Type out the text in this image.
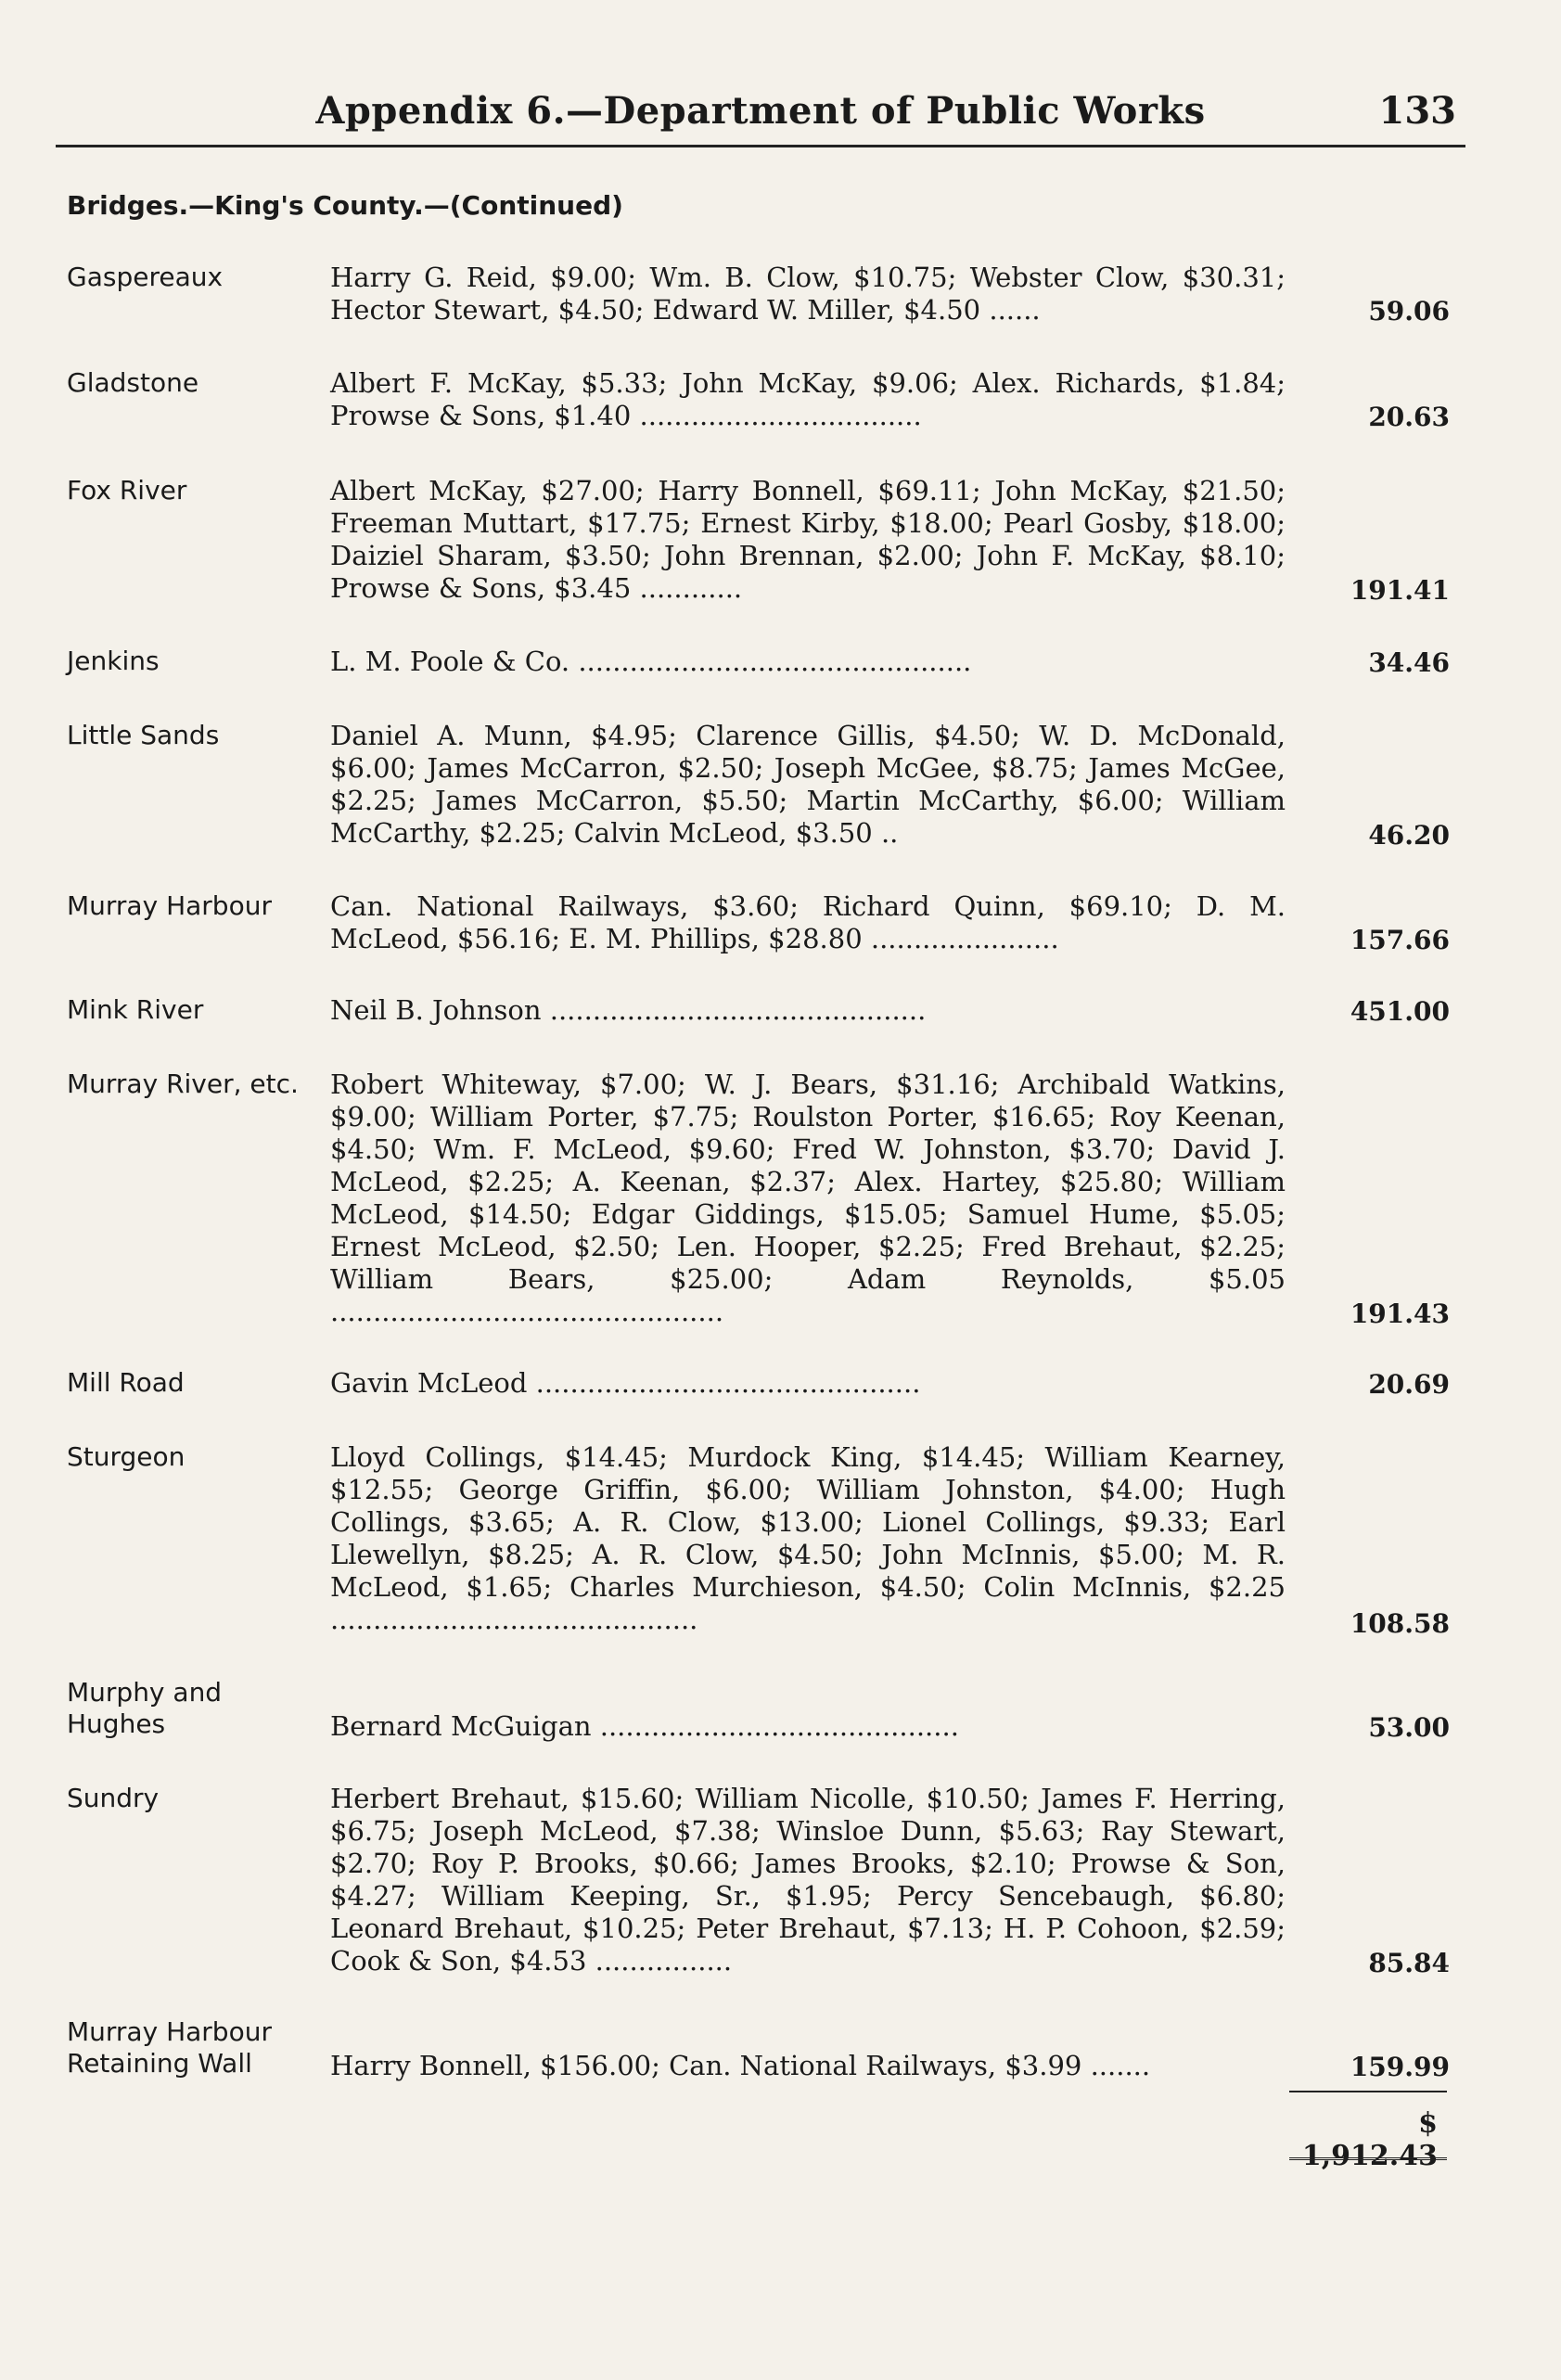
Appendix 6.—Department of Public Works	133
Bridges.—King's County.—(Continued)
Gaspereaux	Harry G. Reid, $9.00; Wm. B. Clow, $10.75; Webster Clow, $30.31; Hector Stewart, $4.50; Edward W. Miller, $4.50 ......	59.06
Gladstone	Albert F. McKay, $5.33; John McKay, $9.06; Alex. Richards, $1.84; Prowse & Sons, $1.40 .................................	20.63
Fox River	Albert McKay, $27.00; Harry Bonnell, $69.11; John McKay, $21.50; Freeman Muttart, $17.75; Ernest Kirby, $18.00; Pearl Gosby, $18.00; Daiziel Sharam, $3.50; John Brennan, $2.00; John F. McKay, $8.10; Prowse & Sons, $3.45 ............	191.41
Jenkins	L. M. Poole & Co. ..............................................	34.46
Little Sands	Daniel A. Munn, $4.95; Clarence Gillis, $4.50; W. D. McDonald, $6.00; James McCarron, $2.50; Joseph McGee, $8.75; James McGee, $2.25; James McCarron, $5.50; Martin McCarthy, $6.00; William McCarthy, $2.25; Calvin McLeod, $3.50 ..	46.20
Murray Harbour	Can. National Railways, $3.60; Richard Quinn, $69.10; D. M. McLeod, $56.16; E. M. Phillips, $28.80 ......................	157.66
Mink River	Neil B. Johnson ............................................	451.00
Murray River, etc.	Robert Whiteway, $7.00; W. J. Bears, $31.16; Archibald Watkins, $9.00; William Porter, $7.75; Roulston Porter, $16.65; Roy Keenan, $4.50; Wm. F. McLeod, $9.60; Fred W. Johnston, $3.70; David J. McLeod, $2.25; A. Keenan, $2.37; Alex. Hartey, $25.80; William McLeod, $14.50; Edgar Giddings, $15.05; Samuel Hume, $5.05; Ernest McLeod, $2.50; Len. Hooper, $2.25; Fred Brehaut, $2.25; William Bears, $25.00; Adam Reynolds, $5.05 ..............................................	191.43
Mill Road	Gavin McLeod .............................................	20.69
Sturgeon	Lloyd Collings, $14.45; Murdock King, $14.45; William Kearney, $12.55; George Griffin, $6.00; William Johnston, $4.00; Hugh Collings, $3.65; A. R. Clow, $13.00; Lionel Collings, $9.33; Earl Llewellyn, $8.25; A. R. Clow, $4.50; John McInnis, $5.00; M. R. McLeod, $1.65; Charles Murchieson, $4.50; Colin McInnis, $2.25 ...........................................	108.58
Murphy and Hughes	Bernard McGuigan ..........................................	53.00
Sundry	Herbert Brehaut, $15.60; William Nicolle, $10.50; James F. Herring, $6.75; Joseph McLeod, $7.38; Winsloe Dunn, $5.63; Ray Stewart, $2.70; Roy P. Brooks, $0.66; James Brooks, $2.10; Prowse & Son, $4.27; William Keeping, Sr., $1.95; Percy Sencebaugh, $6.80; Leonard Brehaut, $10.25; Peter Brehaut, $7.13; H. P. Cohoon, $2.59; Cook & Son, $4.53 ................	85.84
Murray Harbour Retaining Wall	Harry Bonnell, $156.00; Can. National Railways, $3.99 .......	159.99
$ 1,912.43
